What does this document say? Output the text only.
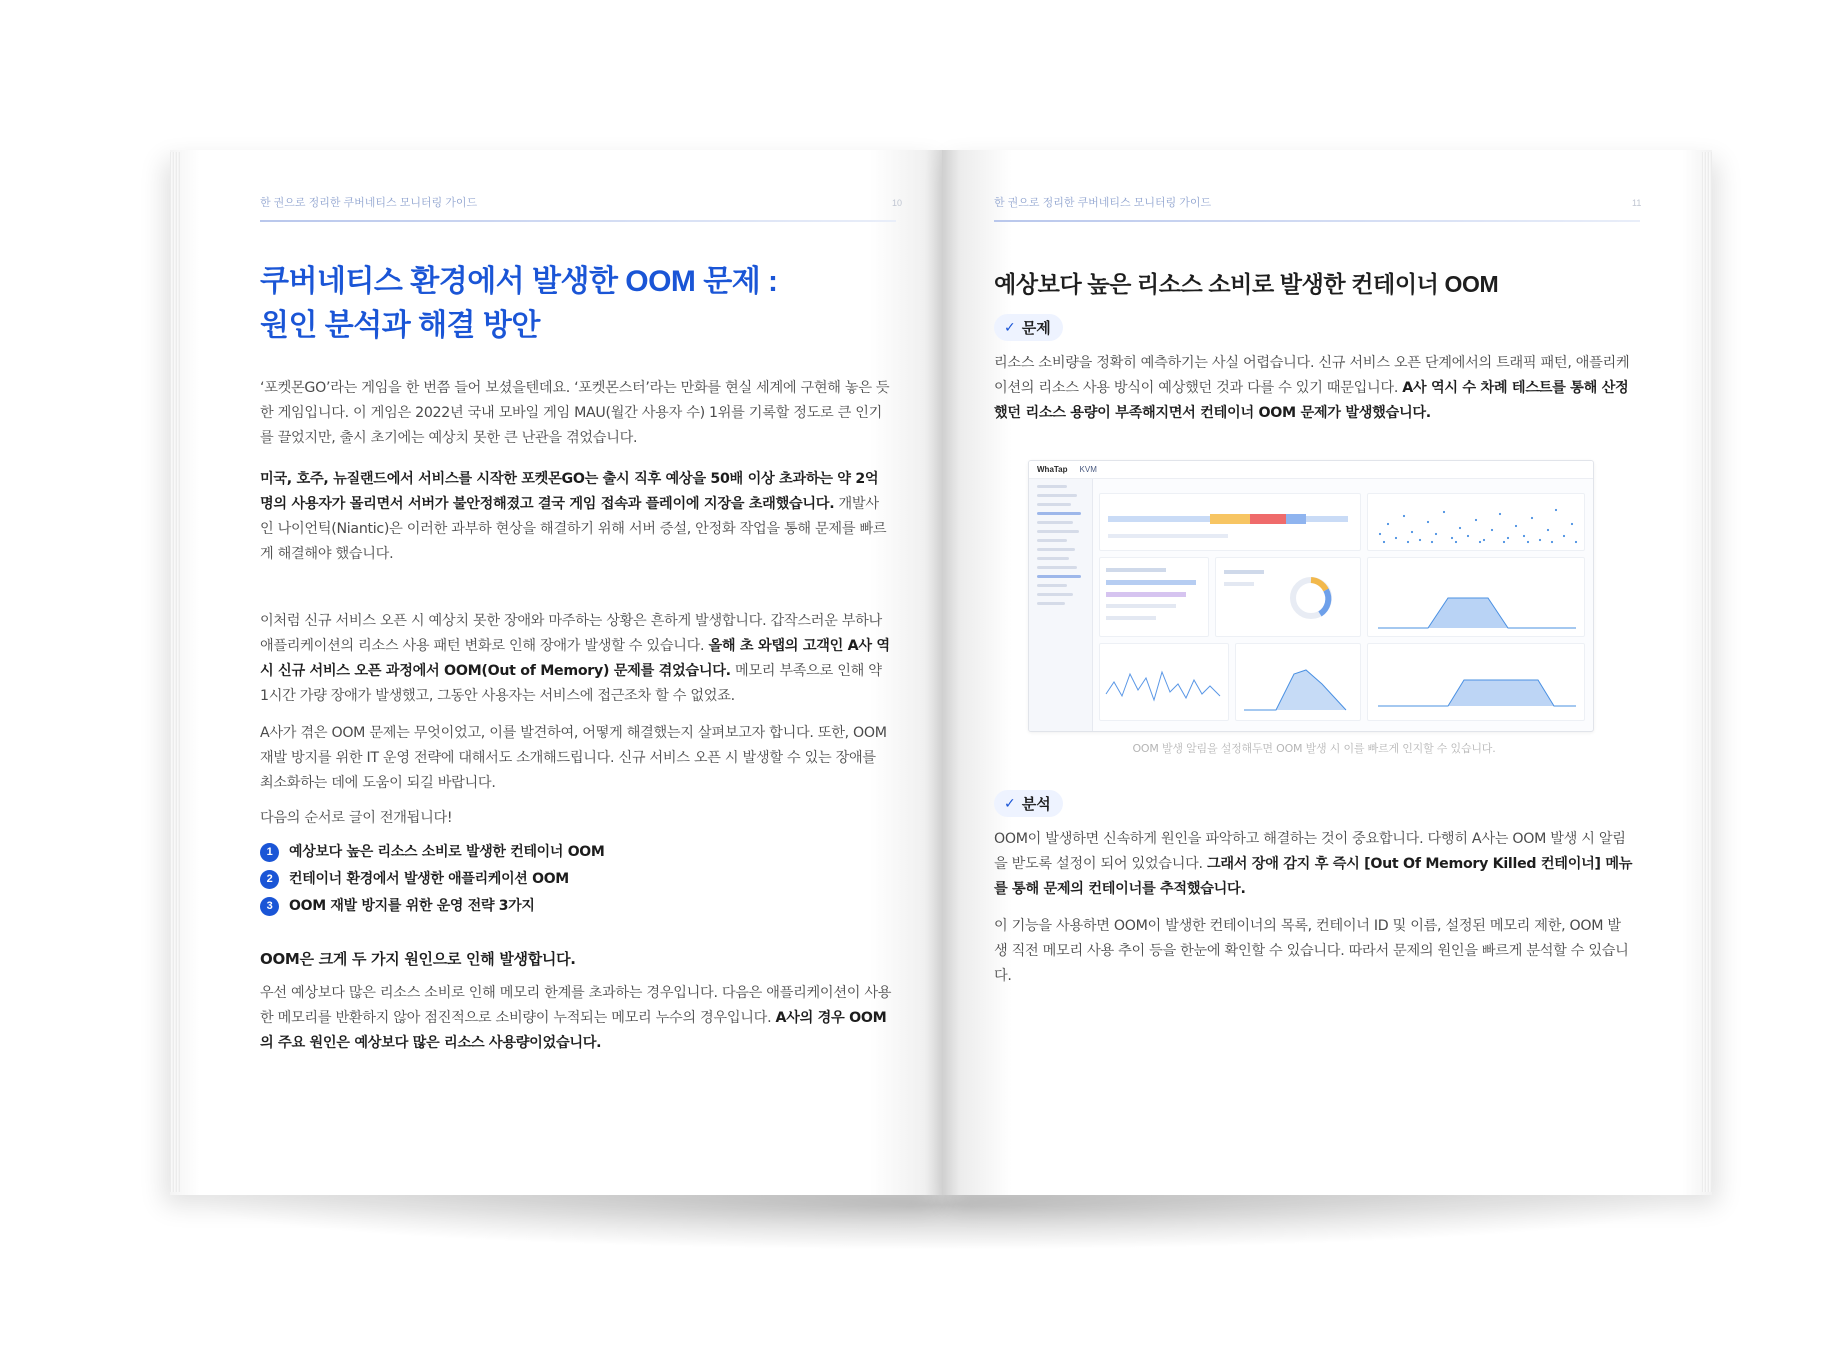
한 권으로 정리한 쿠버네티스 모니터링 가이드	10
쿠버네티스 환경에서 발생한 OOM 문제 :
원인 분석과 해결 방안

‘포켓몬GO’라는 게임을 한 번쯤 들어 보셨을텐데요. ‘포켓몬스터’라는 만화를 현실 세계에 구현해 놓은 듯한 게임입니다. 이 게임은 2022년 국내 모바일 게임 MAU(월간 사용자 수) 1위를 기록할 정도로 큰 인기를 끌었지만, 출시 초기에는 예상치 못한 큰 난관을 겪었습니다.

미국, 호주, 뉴질랜드에서 서비스를 시작한 포켓몬GO는 출시 직후 예상을 50배 이상 초과하는 약 2억 명의 사용자가 몰리면서 서버가 불안정해졌고 결국 게임 접속과 플레이에 지장을 초래했습니다. 개발사인 나이언틱(Niantic)은 이러한 과부하 현상을 해결하기 위해 서버 증설, 안정화 작업을 통해 문제를 빠르게 해결해야 했습니다.

이처럼 신규 서비스 오픈 시 예상치 못한 장애와 마주하는 상황은 흔하게 발생합니다. 갑작스러운 부하나 애플리케이션의 리소스 사용 패턴 변화로 인해 장애가 발생할 수 있습니다. 올해 초 와탭의 고객인 A사 역시 신규 서비스 오픈 과정에서 OOM(Out of Memory) 문제를 겪었습니다. 메모리 부족으로 인해 약 1시간 가량 장애가 발생했고, 그동안 사용자는 서비스에 접근조차 할 수 없었죠.

A사가 겪은 OOM 문제는 무엇이었고, 이를 발견하여, 어떻게 해결했는지 살펴보고자 합니다. 또한, OOM 재발 방지를 위한 IT 운영 전략에 대해서도 소개해드립니다. 신규 서비스 오픈 시 발생할 수 있는 장애를 최소화하는 데에 도움이 되길 바랍니다.

다음의 순서로 글이 전개됩니다!

1	예상보다 높은 리소스 소비로 발생한 컨테이너 OOM
2	컨테이너 환경에서 발생한 애플리케이션 OOM
3	OOM 재발 방지를 위한 운영 전략 3가지
OOM은 크게 두 가지 원인으로 인해 발생합니다.

우선 예상보다 많은 리소스 소비로 인해 메모리 한계를 초과하는 경우입니다. 다음은 애플리케이션이 사용한 메모리를 반환하지 않아 점진적으로 소비량이 누적되는 메모리 누수의 경우입니다. A사의 경우 OOM의 주요 원인은 예상보다 많은 리소스 사용량이었습니다.

한 권으로 정리한 쿠버네티스 모니터링 가이드	11
예상보다 높은 리소스 소비로 발생한 컨테이너 OOM
✓ 문제

리소스 소비량을 정확히 예측하기는 사실 어렵습니다. 신규 서비스 오픈 단계에서의 트래픽 패턴, 애플리케이션의 리소스 사용 방식이 예상했던 것과 다를 수 있기 때문입니다. A사 역시 수 차례 테스트를 통해 산정했던 리소스 용량이 부족해지면서 컨테이너 OOM 문제가 발생했습니다.

WhaTap KVM
OOM 발생 알림을 설정해두면 OOM 발생 시 이를 빠르게 인지할 수 있습니다.
✓ 분석

OOM이 발생하면 신속하게 원인을 파악하고 해결하는 것이 중요합니다. 다행히 A사는 OOM 발생 시 알림을 받도록 설정이 되어 있었습니다. 그래서 장애 감지 후 즉시 [Out Of Memory Killed 컨테이너] 메뉴를 통해 문제의 컨테이너를 추적했습니다.

이 기능을 사용하면 OOM이 발생한 컨테이너의 목록, 컨테이너 ID 및 이름, 설정된 메모리 제한, OOM 발생 직전 메모리 사용 추이 등을 한눈에 확인할 수 있습니다. 따라서 문제의 원인을 빠르게 분석할 수 있습니다.
